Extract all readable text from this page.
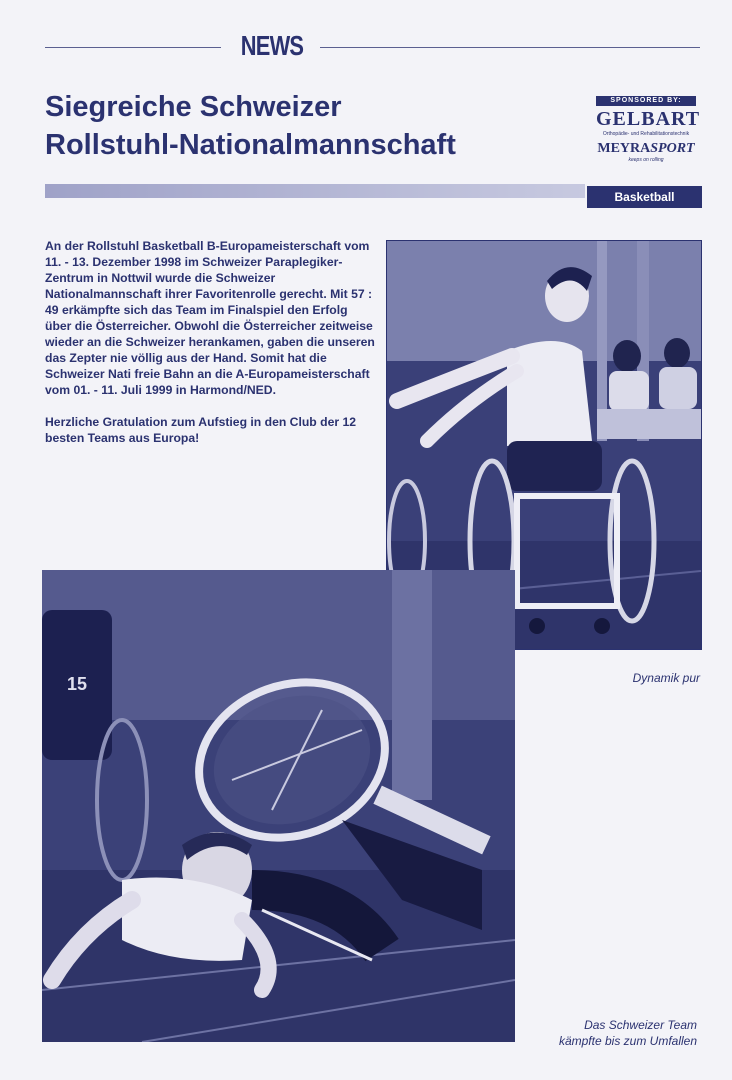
NEWS
Siegreiche Schweizer
Rollstuhl-Nationalmannschaft
SPONSORED BY:
GELBART
Orthopädie- und Rehabilitationstechnik
MEYRASPORT
keeps on rolling
Basketball

An der Rollstuhl Basketball B-Europameisterschaft vom 11. - 13. Dezember 1998 im Schweizer Paraplegiker-Zentrum in Nottwil wurde die Schweizer Nationalmannschaft ihrer Favoritenrolle gerecht. Mit 57 : 49 erkämpfte sich das Team im Finalspiel den Erfolg über die Österreicher. Obwohl die Österreicher zeitweise wieder an die Schweizer herankamen, gaben die unseren das Zepter nie völlig aus der Hand. Somit hat die Schweizer Nati freie Bahn an die A-Europameisterschaft vom 01. - 11. Juli 1999 in Harmond/NED.

Herzliche Gratulation zum Aufstieg in den Club der 12 besten Teams aus Europa!

Dynamik pur
15
Das Schweizer Team
kämpfte bis zum Umfallen
